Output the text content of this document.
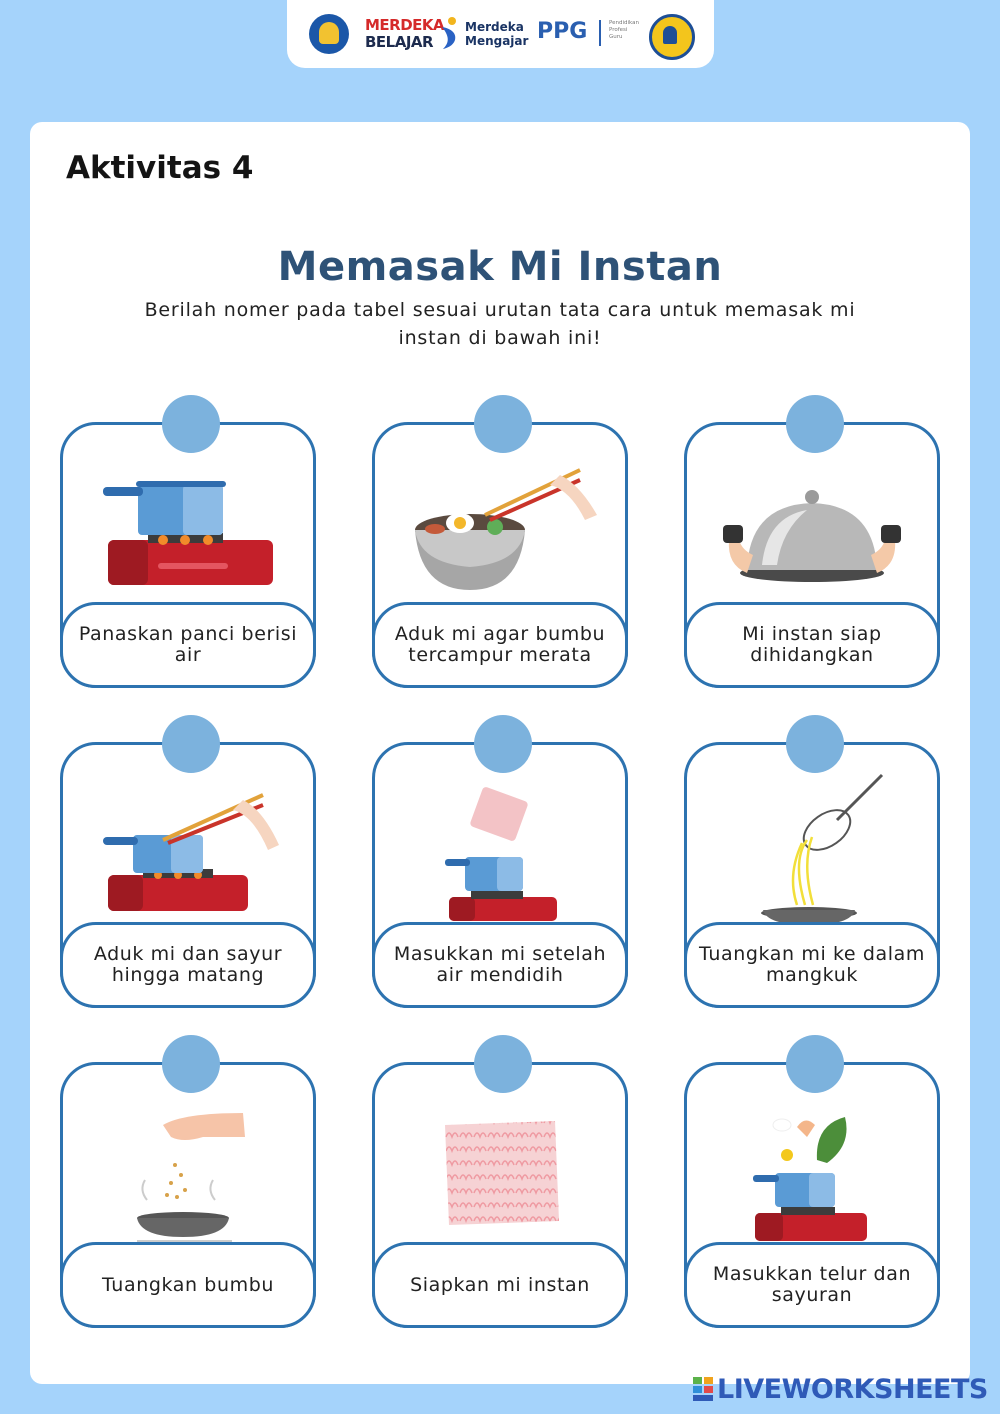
MERDEKA
BELAJAR
Merdeka
Mengajar PPG	Pendidikan
Profesi
Guru
Aktivitas 4
Memasak Mi Instan
Berilah nomer pada tabel sesuai urutan tata cara untuk memasak mi instan di bawah ini!
Panaskan panci berisi air
Aduk mi agar bumbu tercampur merata
Mi instan siap dihidangkan
Aduk mi dan sayur hingga matang
Masukkan mi setelah air mendidih
Tuangkan mi ke dalam mangkuk
Tuangkan bumbu	Siapkan mi instan	Masukkan telur dan sayuran
LIVEWORKSHEETS
